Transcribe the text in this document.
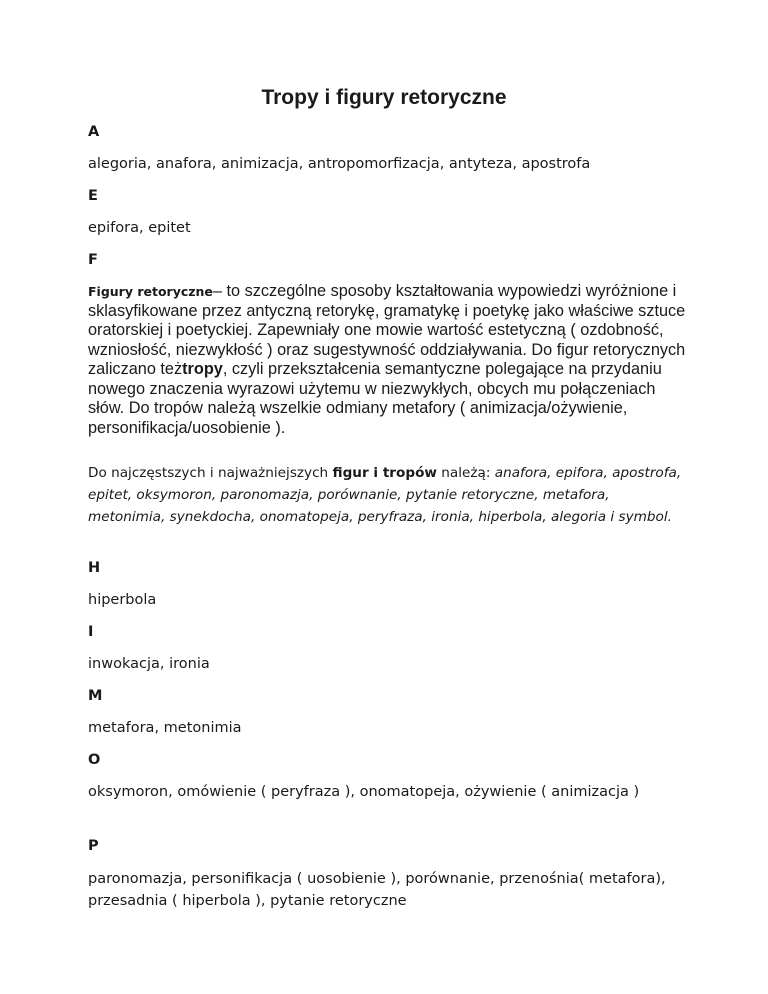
Tropy i figury retoryczne
A
alegoria, anafora, animizacja, antropomorfizacja, antyteza, apostrofa
E
epifora, epitet
F
Figury retoryczne– to szczególne sposoby kształtowania wypowiedzi wyróżnione i sklasyfikowane przez antyczną retorykę, gramatykę i poetykę jako właściwe sztuce oratorskiej i poetyckiej. Zapewniały one mowie wartość estetyczną ( ozdobność, wzniosłość, niezwykłość ) oraz sugestywność oddziaływania. Do figur retorycznych zaliczano teżtropy, czyli przekształcenia semantyczne polegające na przydaniu nowego znaczenia wyrazowi użytemu w niezwykłych, obcych mu połączeniach słów. Do tropów należą wszelkie odmiany metafory ( animizacja/ożywienie, personifikacja/uosobienie ).
Do najczęstszych i najważniejszych figur i tropów należą: anafora, epifora, apostrofa, epitet, oksymoron, paronomazja, porównanie, pytanie retoryczne, metafora, metonimia, synekdocha, onomatopeja, peryfraza, ironia, hiperbola, alegoria i symbol.
H
hiperbola
I
inwokacja, ironia
M
metafora, metonimia
O
oksymoron, omówienie ( peryfraza ), onomatopeja, ożywienie ( animizacja )
P
paronomazja, personifikacja ( uosobienie ), porównanie, przenośnia( metafora), przesadnia ( hiperbola ), pytanie retoryczne
